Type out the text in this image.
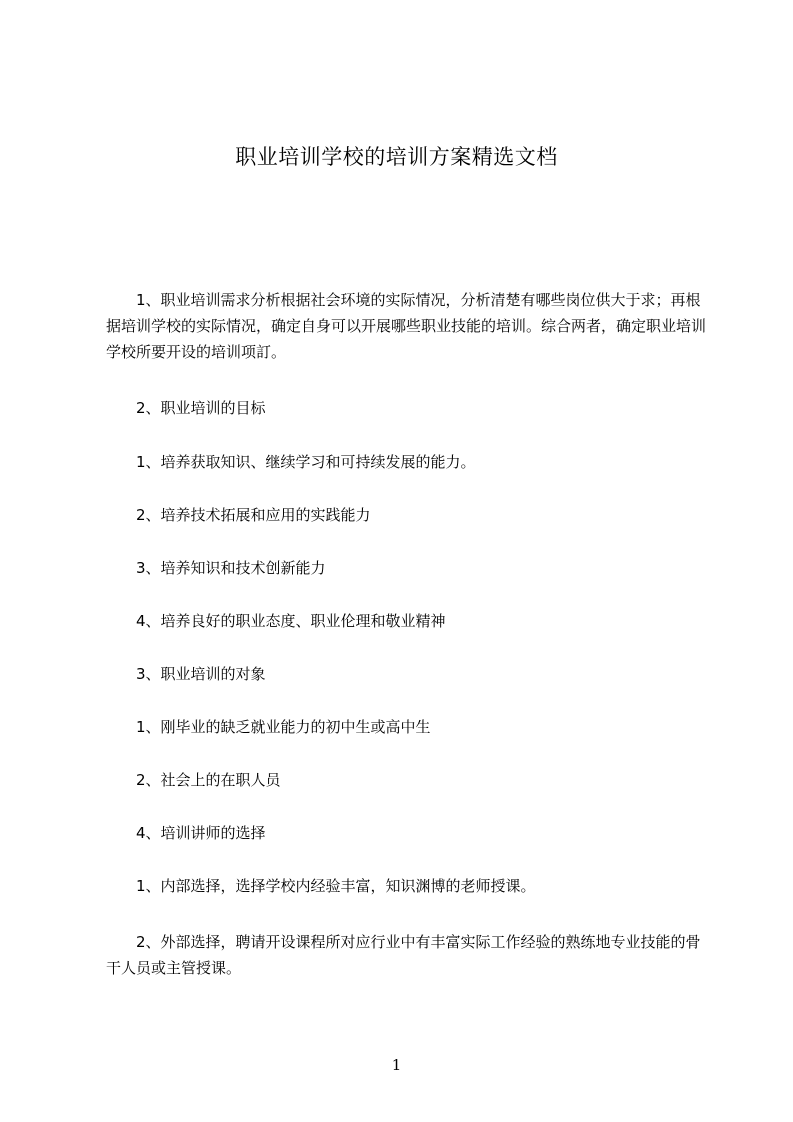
职业培训学校的培训方案精选文档

1、职业培训需求分析根据社会环境的实际情况，分析清楚有哪些岗位供大于求；再根据培训学校的实际情况，确定自身可以开展哪些职业技能的培训。综合两者，确定职业培训学校所要开设的培训项訂。

2、职业培训的目标

1、培养获取知识、继续学习和可持续发展的能力。

2、培养技术拓展和应用的实践能力

3、培养知识和技术创新能力

4、培养良好的职业态度、职业伦理和敬业精神

3、职业培训的对象

1、刚毕业的缺乏就业能力的初中生或高中生

2、社会上的在职人员

4、培训讲师的选择

1、内部选择，选择学校内经验丰富，知识渊博的老师授课。

2、外部选择，聘请开设课程所对应行业中有丰富实际工作经验的熟练地专业技能的骨干人员或主管授课。

1
